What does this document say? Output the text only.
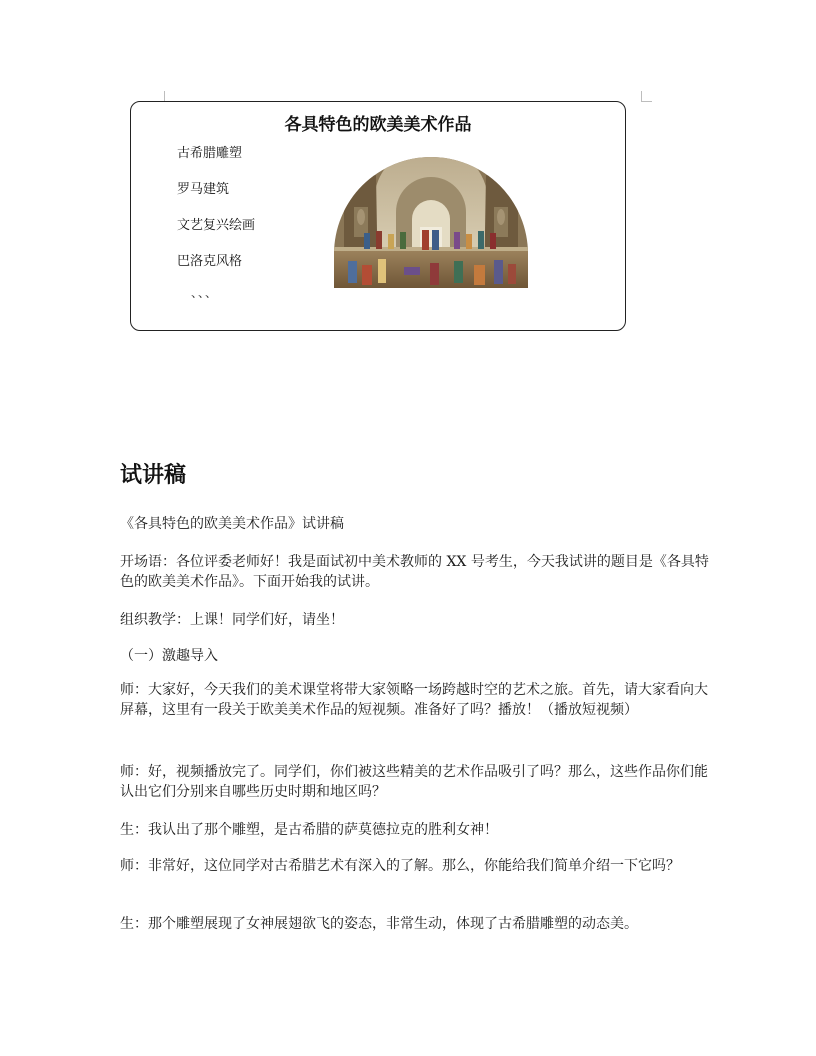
各具特色的欧美美术作品
古希腊雕塑
罗马建筑
文艺复兴绘画
巴洛克风格
、、、
试讲稿

《各具特色的欧美美术作品》试讲稿

开场语：各位评委老师好！我是面试初中美术教师的 XX 号考生，今天我试讲的题目是《各具特色的欧美美术作品》。下面开始我的试讲。

组织教学：上课！同学们好，请坐！

（一）激趣导入

师：大家好，今天我们的美术课堂将带大家领略一场跨越时空的艺术之旅。首先，请大家看向大屏幕，这里有一段关于欧美美术作品的短视频。准备好了吗？播放！（播放短视频）

师：好，视频播放完了。同学们，你们被这些精美的艺术作品吸引了吗？那么，这些作品你们能认出它们分别来自哪些历史时期和地区吗？

生：我认出了那个雕塑，是古希腊的萨莫德拉克的胜利女神！

师：非常好，这位同学对古希腊艺术有深入的了解。那么，你能给我们简单介绍一下它吗？

生：那个雕塑展现了女神展翅欲飞的姿态，非常生动，体现了古希腊雕塑的动态美。
